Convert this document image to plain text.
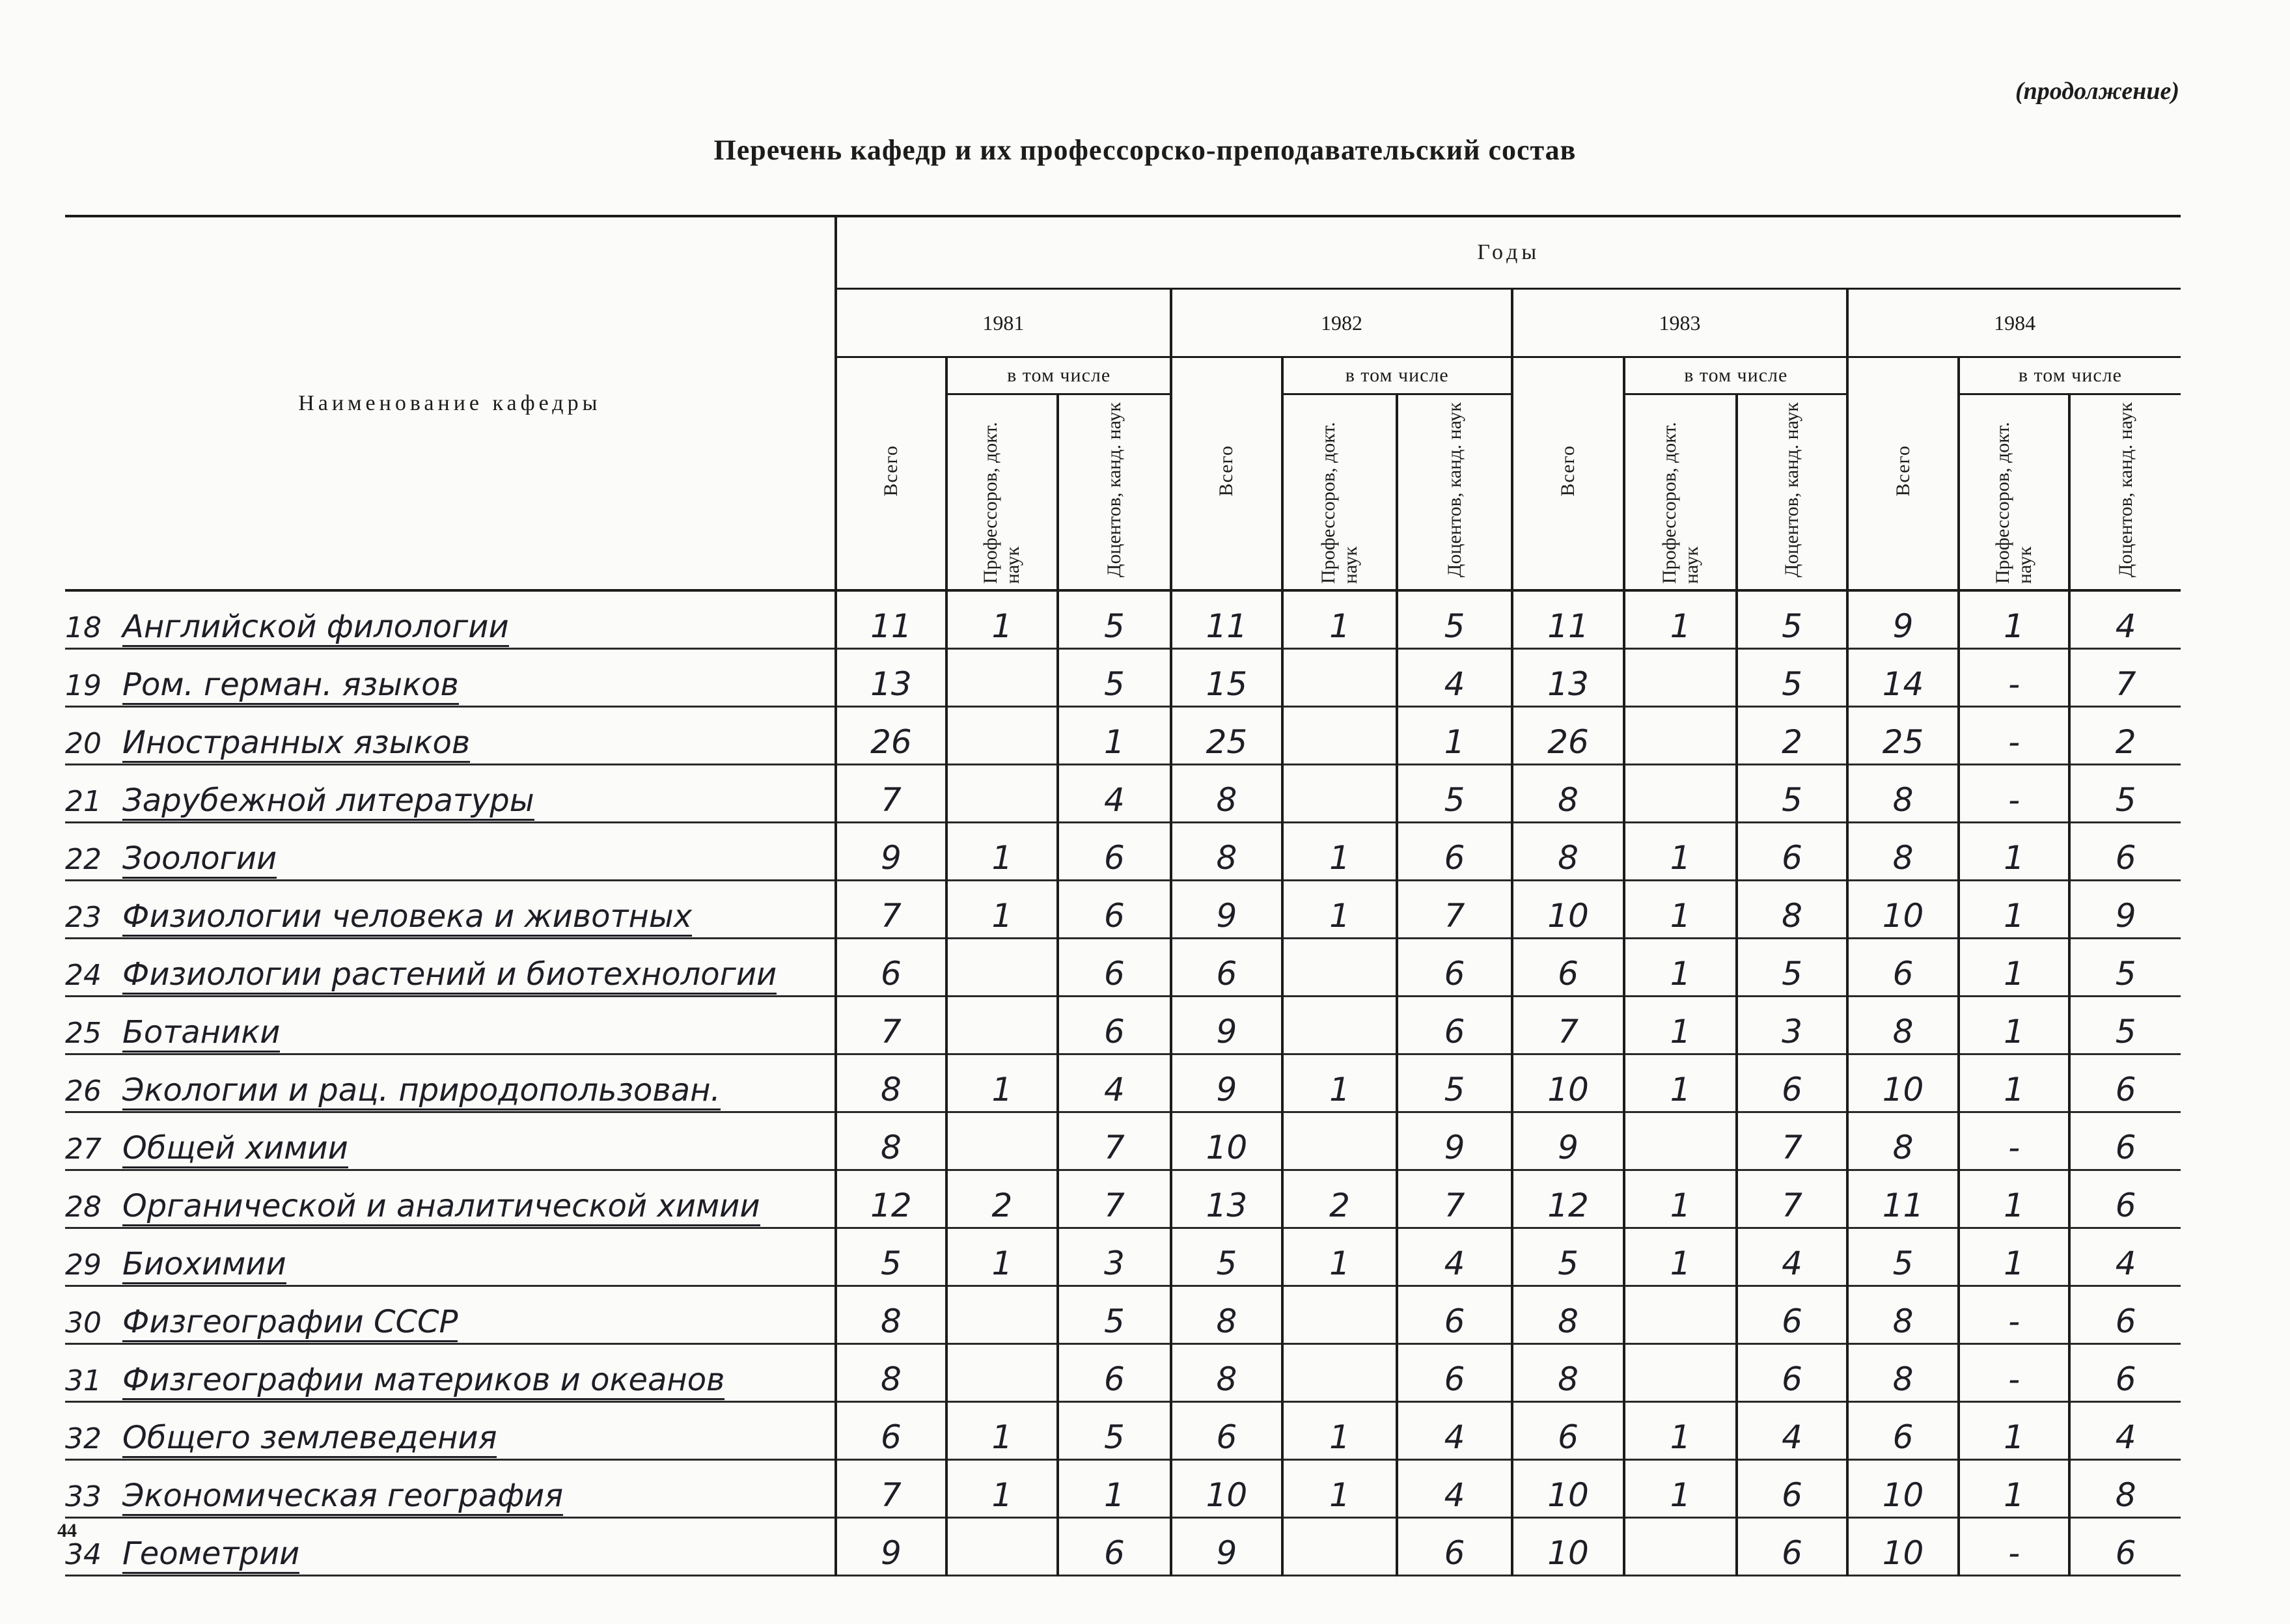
(продолжение)
Перечень кафедр и их профессорско-преподавательский состав
Наименование кафедры	Годы											
	1981			1982			1983			1984		
	Всего	в том числе		Всего	в том числе		Всего	в том числе		Всего	в том числе	
		Профессоров, докт. наук	Доцентов, канд. наук		Профессоров, докт. наук	Доцентов, канд. наук		Профессоров, докт. наук	Доцентов, канд. наук		Профессоров, докт. наук	Доцентов, канд. наук
18 Английской филологии	11	1	5	11	1	5	11	1	5	9	1	4
19 Ром. герман. языков	13		5	15		4	13		5	14	-	7
20 Иностранных языков	26		1	25		1	26		2	25	-	2
21 Зарубежной литературы	7		4	8		5	8		5	8	-	5
22 Зоологии	9	1	6	8	1	6	8	1	6	8	1	6
23 Физиологии человека и животных	7	1	6	9	1	7	10	1	8	10	1	9
24 Физиологии растений и биотехнологии	6		6	6		6	6	1	5	6	1	5
25 Ботаники	7		6	9		6	7	1	3	8	1	5
26 Экологии и рац. природопользован.	8	1	4	9	1	5	10	1	6	10	1	6
27 Общей химии	8		7	10		9	9		7	8	-	6
28 Органической и аналитической химии	12	2	7	13	2	7	12	1	7	11	1	6
29 Биохимии	5	1	3	5	1	4	5	1	4	5	1	4
30 Физгеографии СССР	8		5	8		6	8		6	8	-	6
31 Физгеографии материков и океанов	8		6	8		6	8		6	8	-	6
32 Общего землеведения	6	1	5	6	1	4	6	1	4	6	1	4
33 Экономическая география	7	1	1	10	1	4	10	1	6	10	1	8
34 Геометрии	9		6	9		6	10		6	10	-	6
44
